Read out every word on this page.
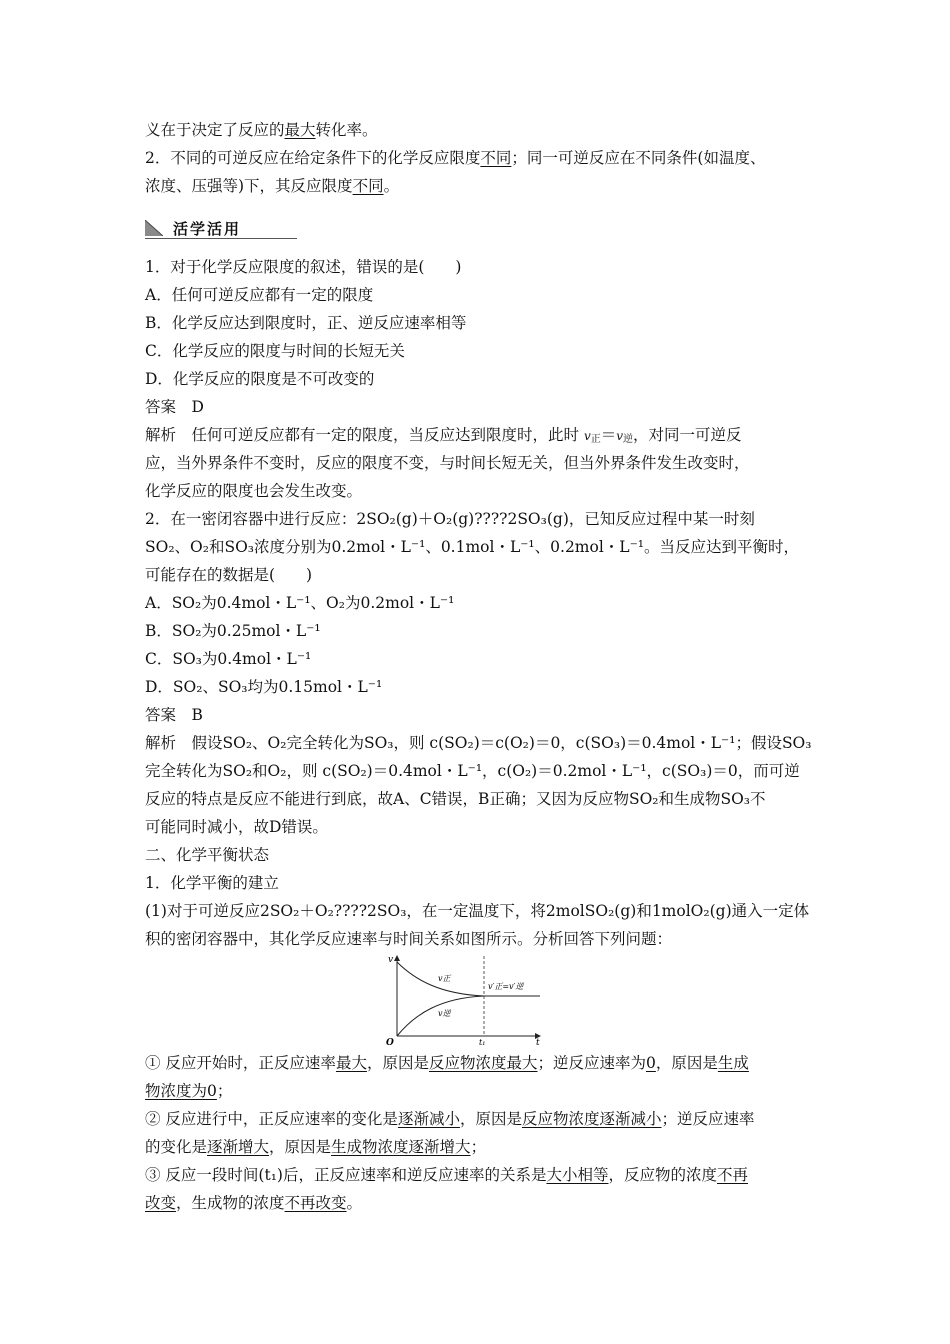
义在于决定了反应的最大转化率。
2．不同的可逆反应在给定条件下的化学反应限度不同；同一可逆反应在不同条件(如温度、
浓度、压强等)下，其反应限度不同。
活学活用
1．对于化学反应限度的叙述，错误的是(　　)
A．任何可逆反应都有一定的限度
B．化学反应达到限度时，正、逆反应速率相等
C．化学反应的限度与时间的长短无关
D．化学反应的限度是不可改变的
答案　D
解析　任何可逆反应都有一定的限度，当反应达到限度时，此时 $v_正=v_逆$，对同一可逆反
应，当外界条件不变时，反应的限度不变，与时间长短无关，但当外界条件发生改变时，
化学反应的限度也会发生改变。
2．在一密闭容器中进行反应：2SO₂(g)＋O₂(g)????2SO₃(g)，已知反应过程中某一时刻
SO₂、O₂和SO₃浓度分别为0.2mol・L⁻¹、0.1mol・L⁻¹、0.2mol・L⁻¹。当反应达到平衡时，
可能存在的数据是(　　)
A．SO₂为0.4mol・L⁻¹、O₂为0.2mol・L⁻¹
B．SO₂为0.25mol・L⁻¹
C．SO₃为0.4mol・L⁻¹
D．SO₂、SO₃均为0.15mol・L⁻¹
答案　B
解析　假设SO₂、O₂完全转化为SO₃，则 c(SO₂)＝c(O₂)＝0，c(SO₃)＝0.4mol・L⁻¹；假设SO₃
完全转化为SO₂和O₂，则 c(SO₂)＝0.4mol・L⁻¹，c(O₂)＝0.2mol・L⁻¹，c(SO₃)＝0，而可逆
反应的特点是反应不能进行到底，故A、C错误，B正确；又因为反应物SO₂和生成物SO₃不
可能同时减小，故D错误。
二、化学平衡状态
1．化学平衡的建立
(1)对于可逆反应2SO₂＋O₂????2SO₃，在一定温度下，将2molSO₂(g)和1molO₂(g)通入一定体
积的密闭容器中，其化学反应速率与时间关系如图所示。分析回答下列问题：
v
t
O	t₁
v正
v逆
v′正=v′逆
① 反应开始时，正反应速率最大，原因是反应物浓度最大；逆反应速率为0，原因是生成
物浓度为0；
② 反应进行中，正反应速率的变化是逐渐减小，原因是反应物浓度逐渐减小；逆反应速率
的变化是逐渐增大，原因是生成物浓度逐渐增大；
③ 反应一段时间(t₁)后，正反应速率和逆反应速率的关系是大小相等，反应物的浓度不再
改变，生成物的浓度不再改变。
